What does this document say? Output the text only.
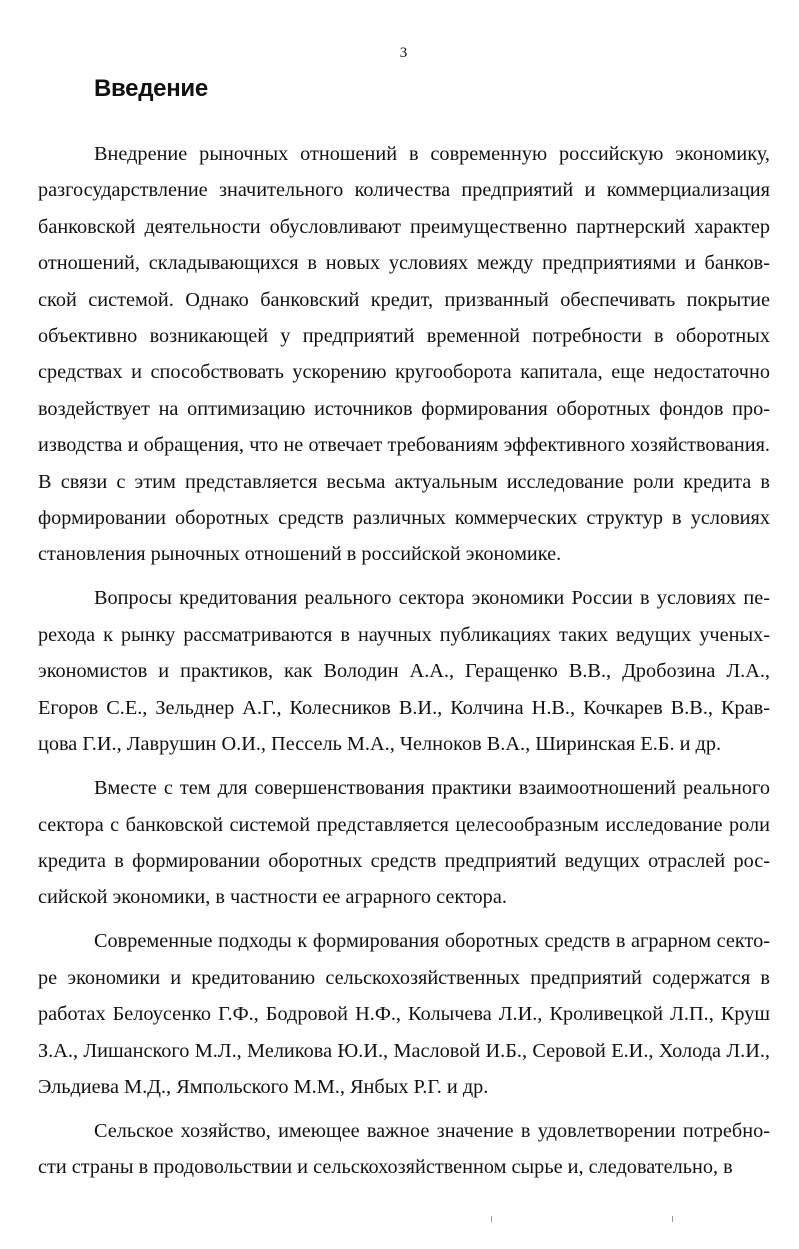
3
Введение

Внедрение рыночных отношений в современную российскую экономику, разгосударствление значительного количества предприятий и коммерциализация банковской деятельности обусловливают преимущественно партнерский характер отношений, складывающихся в новых условиях между предприятиями и банковской системой. Однако банковский кредит, призванный обеспечивать покрытие объективно возникающей у предприятий временной потребности в оборотных средствах и способствовать ускорению кругооборота капитала, еще недостаточно воздействует на оптимизацию источников формирования оборотных фондов производства и обращения, что не отвечает требованиям эффективного хозяйствования. В связи с этим представляется весьма актуальным исследование роли кредита в формировании оборотных средств различных коммерческих структур в условиях становления рыночных отношений в российской экономике.

Вопросы кредитования реального сектора экономики России в условиях перехода к рынку рассматриваются в научных публикациях таких ведущих ученых-экономистов и практиков, как Володин А.А., Геращенко В.В., Дробозина Л.А., Егоров С.Е., Зельднер А.Г., Колесников В.И., Колчина Н.В., Кочкарев В.В., Кравцова Г.И., Лаврушин О.И., Пессель М.А., Челноков В.А., Ширинская Е.Б. и др.

Вместе с тем для совершенствования практики взаимоотношений реального сектора с банковской системой представляется целесообразным исследование роли кредита в формировании оборотных средств предприятий ведущих отраслей российской экономики, в частности ее аграрного сектора.

Современные подходы к формирования оборотных средств в аграрном секторе экономики и кредитованию сельскохозяйственных предприятий содержатся в работах Белоусенко Г.Ф., Бодровой Н.Ф., Колычева Л.И., Кроливецкой Л.П., Круш З.А., Лишанского М.Л., Меликова Ю.И., Масловой И.Б., Серовой Е.И., Холода Л.И., Эльдиева М.Д., Ямпольского М.М., Янбых Р.Г. и др.

Сельское хозяйство, имеющее важное значение в удовлетворении потребности страны в продовольствии и сельскохозяйственном сырье и, следовательно, в
